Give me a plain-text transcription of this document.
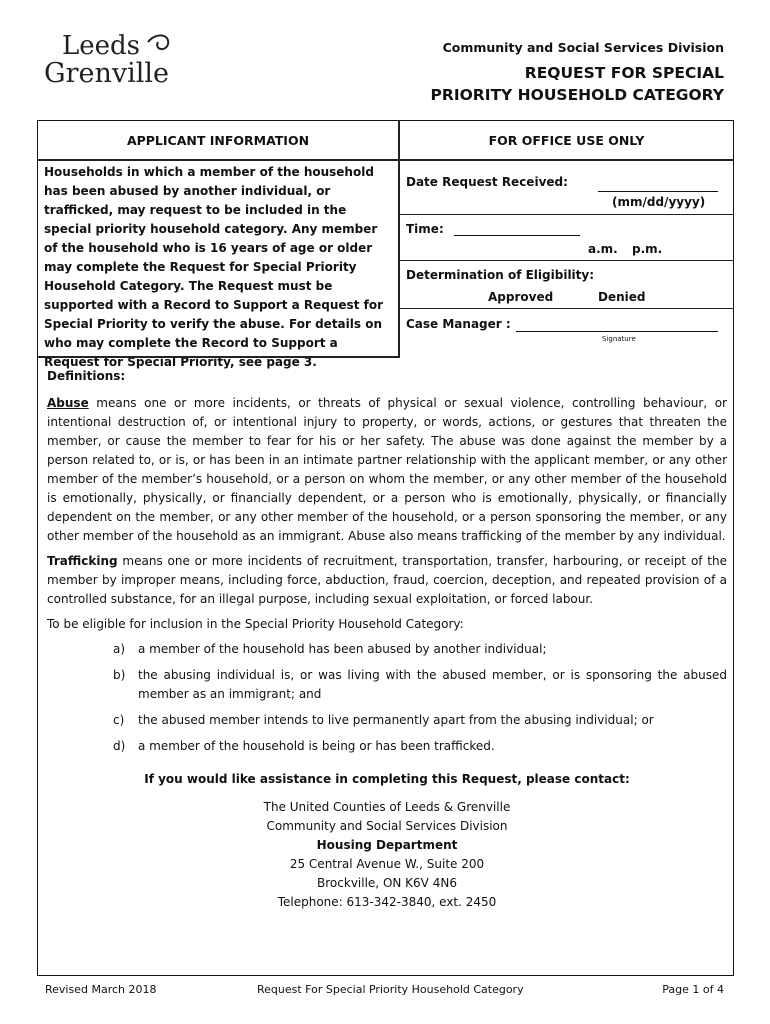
Leeds
Grenville
Community and Social Services Division
REQUEST FOR SPECIAL
PRIORITY HOUSEHOLD CATEGORY
APPLICANT INFORMATION
Households in which a member of the household has been abused by another individual, or trafficked, may request to be included in the special priority household category. Any member of the household who is 16 years of age or older may complete the Request for Special Priority Household Category. The Request must be supported with a Record to Support a Request for Special Priority to verify the abuse. For details on who may complete the Record to Support a Request for Special Priority, see page 3.
FOR OFFICE USE ONLY
Date Request Received:
(mm/dd/yyyy)
Time:
a.m. p.m.
Determination of Eligibility:
Approved	Denied
Case Manager :
Signature

Definitions:

Abuse means one or more incidents, or threats of physical or sexual violence, controlling behaviour, or intentional destruction of, or intentional injury to property, or words, actions, or gestures that threaten the member, or cause the member to fear for his or her safety. The abuse was done against the member by a person related to, or is, or has been in an intimate partner relationship with the applicant member, or any other member of the member’s household, or a person on whom the member, or any other member of the household is emotionally, physically, or financially dependent, or a person who is emotionally, physically, or financially dependent on the member, or any other member of the household, or a person sponsoring the member, or any other member of the household as an immigrant. Abuse also means trafficking of the member by any individual.

Trafficking means one or more incidents of recruitment, transportation, transfer, harbouring, or receipt of the member by improper means, including force, abduction, fraud, coercion, deception, and repeated provision of a controlled substance, for an illegal purpose, including sexual exploitation, or forced labour.

To be eligible for inclusion in the Special Priority Household Category:

a) a member of the household has been abused by another individual;
b) the abusing individual is, or was living with the abused member, or is sponsoring the abused member as an immigrant; and
c) the abused member intends to live permanently apart from the abusing individual; or
d) a member of the household is being or has been trafficked.
If you would like assistance in completing this Request, please contact:
The United Counties of Leeds & Grenville
Community and Social Services Division
Housing Department
25 Central Avenue W., Suite 200
Brockville, ON K6V 4N6
Telephone: 613-342-3840, ext. 2450
Revised March 2018	Request For Special Priority Household Category	Page 1 of 4
